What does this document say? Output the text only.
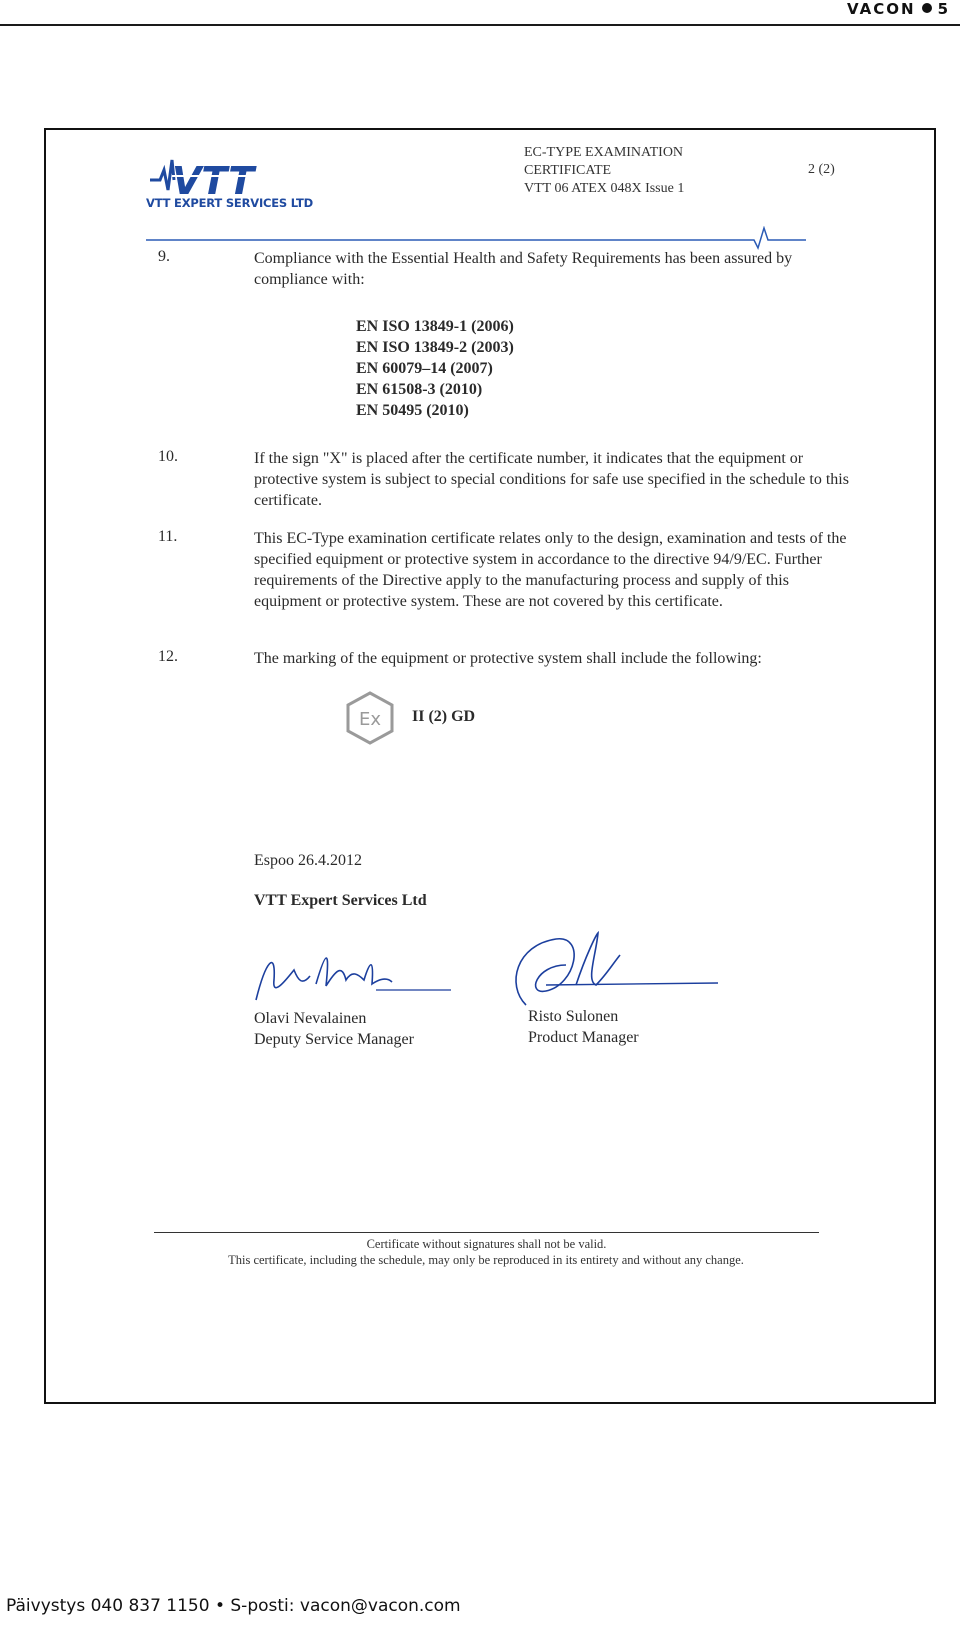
VACON 5
VTT
VTT EXPERT SERVICES LTD
EC-TYPE EXAMINATION
CERTIFICATE
VTT 06 ATEX 048X Issue 1
2 (2)
9.	Compliance with the Essential Health and Safety Requirements has been assured by compliance with:
EN ISO 13849-1 (2006)
EN ISO 13849-2 (2003)
EN 60079–14 (2007)
EN 61508-3 (2010)
EN 50495 (2010)
10.	If the sign "X" is placed after the certificate number, it indicates that the equipment or protective system is subject to special conditions for safe use specified in the schedule to this certificate.
11.	This EC-Type examination certificate relates only to the design, examination and tests of the specified equipment or protective system in accordance to the directive 94/9/EC. Further requirements of the Directive apply to the manufacturing process and supply of this equipment or protective system. These are not covered by this certificate.
12.	The marking of the equipment or protective system shall include the following:
Ex II (2) GD
Espoo 26.4.2012
VTT Expert Services Ltd
Olavi Nevalainen
Deputy Service Manager
Risto Sulonen
Product Manager
Certificate without signatures shall not be valid.
This certificate, including the schedule, may only be reproduced in its entirety and without any change.
Päivystys 040 837 1150 • S-posti: vacon@vacon.com
